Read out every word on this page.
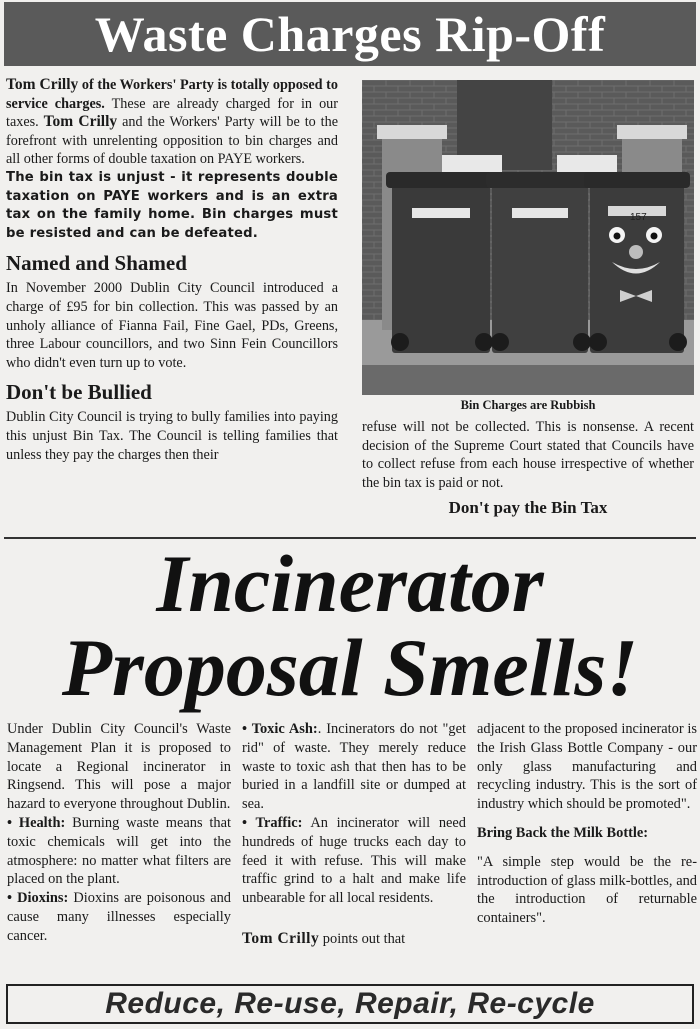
Waste Charges Rip-Off

Tom Crilly of the Workers' Party is totally opposed to service charges. These are already charged for in our taxes. Tom Crilly and the Workers' Party will be to the forefront with unrelenting opposition to bin charges and all other forms of double taxation on PAYE workers.

The bin tax is unjust - it represents double taxation on PAYE workers and is an extra tax on the family home. Bin charges must be resisted and can be defeated.

Named and Shamed

In November 2000 Dublin City Council introduced a charge of £95 for bin collection. This was passed by an unholy alliance of Fianna Fail, Fine Gael, PDs, Greens, three Labour councillors, and two Sinn Fein Councillors who didn't even turn up to vote.

Don't be Bullied

Dublin City Council is trying to bully families into paying this unjust Bin Tax. The Council is telling families that unless they pay the charges then their

157
Bin Charges are Rubbish
refuse will not be collected. This is nonsense. A recent decision of the Supreme Court stated that Councils have to collect refuse from each house irrespective of whether the bin tax is paid or not.
Don't pay the Bin Tax
Incinerator
Proposal Smells!

Under Dublin City Council's Waste Management Plan it is proposed to locate a Regional incinerator in Ringsend. This will pose a major hazard to everyone throughout Dublin.

• Health: Burning waste means that toxic chemicals will get into the atmosphere: no matter what filters are placed on the plant.

• Dioxins: Dioxins are poisonous and cause many illnesses especially cancer.

• Toxic Ash:. Incinerators do not "get rid" of waste. They merely reduce waste to toxic ash that then has to be buried in a landfill site or dumped at sea.

• Traffic: An incinerator will need hundreds of huge trucks each day to feed it with refuse. This will make traffic grind to a halt and make life unbearable for all local residents.

Tom Crilly points out that

adjacent to the proposed incinerator is the Irish Glass Bottle Company - our only glass manufacturing and recycling industry. This is the sort of industry which should be promoted".

Bring Back the Milk Bottle:

"A simple step would be the re-introduction of glass milk-bottles, and the introduction of returnable containers".

Reduce, Re-use, Repair, Re-cycle
